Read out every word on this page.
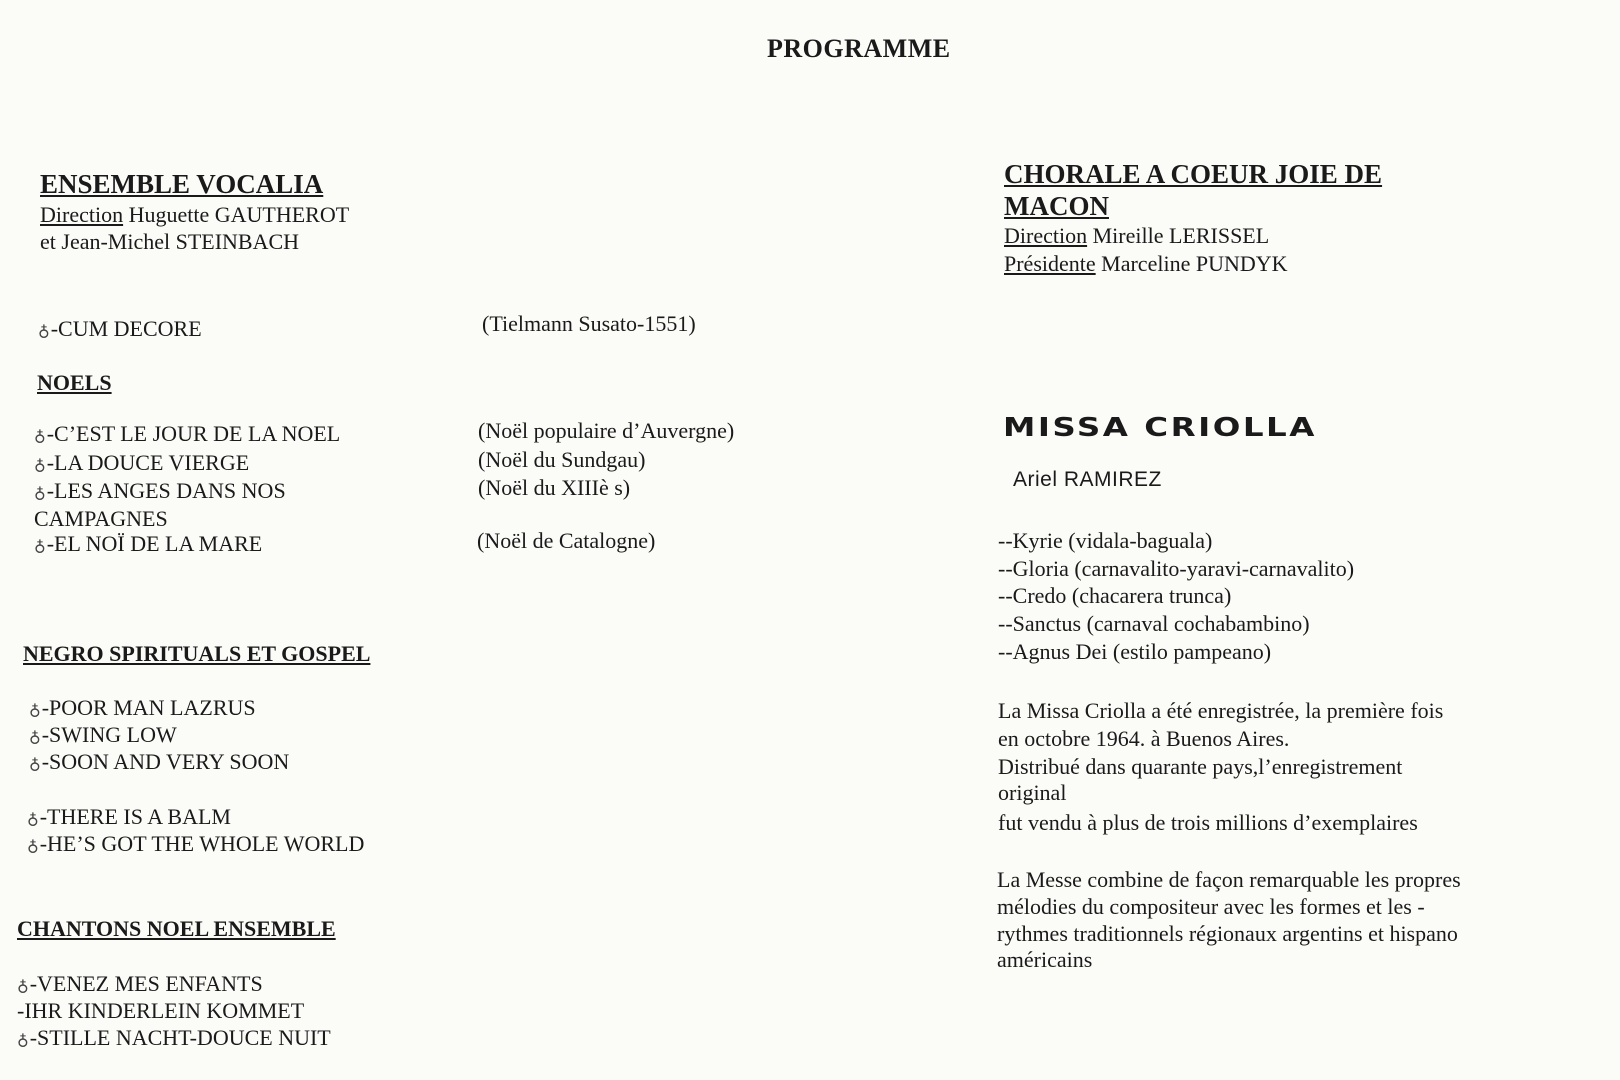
PROGRAMME
ENSEMBLE VOCALIA
Direction Huguette GAUTHEROT
et Jean-Michel STEINBACH
♁-CUM DECORE	(Tielmann Susato-1551)
NOELS
♁-C’EST LE JOUR DE LA NOEL	(Noël populaire d’Auvergne)
♁-LA DOUCE VIERGE	(Noël du Sundgau)
♁-LES ANGES DANS NOS	(Noël du XIIIè s)
CAMPAGNES
♁-EL NOÏ DE LA MARE	(Noël de Catalogne)
NEGRO SPIRITUALS ET GOSPEL
♁-POOR MAN LAZRUS
♁-SWING LOW
♁-SOON AND VERY SOON
♁-THERE IS A BALM
♁-HE’S GOT THE WHOLE WORLD
CHANTONS NOEL ENSEMBLE
♁-VENEZ MES ENFANTS
-IHR KINDERLEIN KOMMET
♁-STILLE NACHT-DOUCE NUIT
CHORALE A COEUR JOIE DE
MACON
Direction Mireille LERISSEL
Présidente Marceline PUNDYK
MISSA CRIOLLA
Ariel RAMIREZ
--Kyrie (vidala-baguala)
--Gloria (carnavalito-yaravi-carnavalito)
--Credo (chacarera trunca)
--Sanctus (carnaval cochabambino)
--Agnus Dei (estilo pampeano)
La Missa Criolla a été enregistrée, la première fois
en octobre 1964. à Buenos Aires.
Distribué dans quarante pays,l’enregistrement
original
fut vendu à plus de trois millions d’exemplaires
La Messe combine de façon remarquable les propres
mélodies du compositeur avec les formes et les -
rythmes traditionnels régionaux argentins et hispano
américains
